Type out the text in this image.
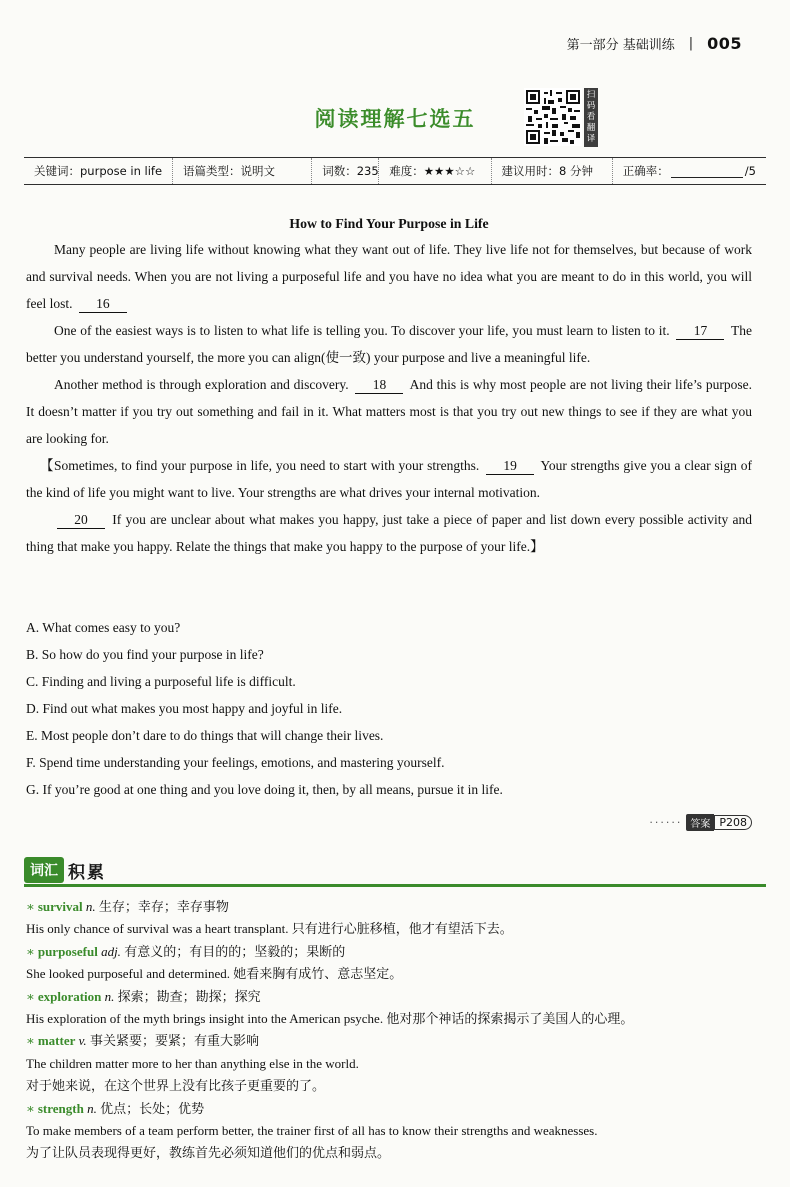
第一部分 基础训练 | 005
阅读理解七选五
扫
码
看
翻
译
关键词：purpose in life	语篇类型：说明文	词数：235 难度：★★★☆☆	建议用时：8 分钟	正确率：	/5
How to Find Your Purpose in Life

Many people are living life without knowing what they want out of life. They live life not for themselves, but because of work and survival needs. When you are not living a purposeful life and you have no idea what you are meant to do in this world, you will feel lost. 16

One of the easiest ways is to listen to what life is telling you. To discover your life, you must learn to listen to it. 17 The better you understand yourself, the more you can align(使一致) your purpose and live a meaningful life.

Another method is through exploration and discovery. 18 And this is why most people are not living their life’s purpose. It doesn’t matter if you try out something and fail in it. What matters most is that you try out new things to see if they are what you are looking for.

【Sometimes, to find your purpose in life, you need to start with your strengths. 19 Your strengths give you a clear sign of the kind of life you might want to live. Your strengths are what drives your internal motivation.

20 If you are unclear about what makes you happy, just take a piece of paper and list down every possible activity and thing that make you happy. Relate the things that make you happy to the purpose of your life.】

A. What comes easy to you?
B. So how do you find your purpose in life?
C. Finding and living a purposeful life is difficult.
D. Find out what makes you most happy and joyful in life.
E. Most people don’t dare to do things that will change their lives.
F. Spend time understanding your feelings, emotions, and mastering yourself.
G. If you’re good at one thing and you love doing it, then, by all means, pursue it in life.
······ 答案 P208
词汇 积累
∗ survival n. 生存；幸存；幸存事物
His only chance of survival was a heart transplant. 只有进行心脏移植，他才有望活下去。
∗ purposeful adj. 有意义的；有目的的；坚毅的；果断的
She looked purposeful and determined. 她看来胸有成竹、意志坚定。
∗ exploration n. 探索；勘查；勘探；探究
His exploration of the myth brings insight into the American psyche. 他对那个神话的探索揭示了美国人的心理。
∗ matter v. 事关紧要；要紧；有重大影响
The children matter more to her than anything else in the world.
对于她来说，在这个世界上没有比孩子更重要的了。
∗ strength n. 优点；长处；优势
To make members of a team perform better, the trainer first of all has to know their strengths and weaknesses.
为了让队员表现得更好，教练首先必须知道他们的优点和弱点。
